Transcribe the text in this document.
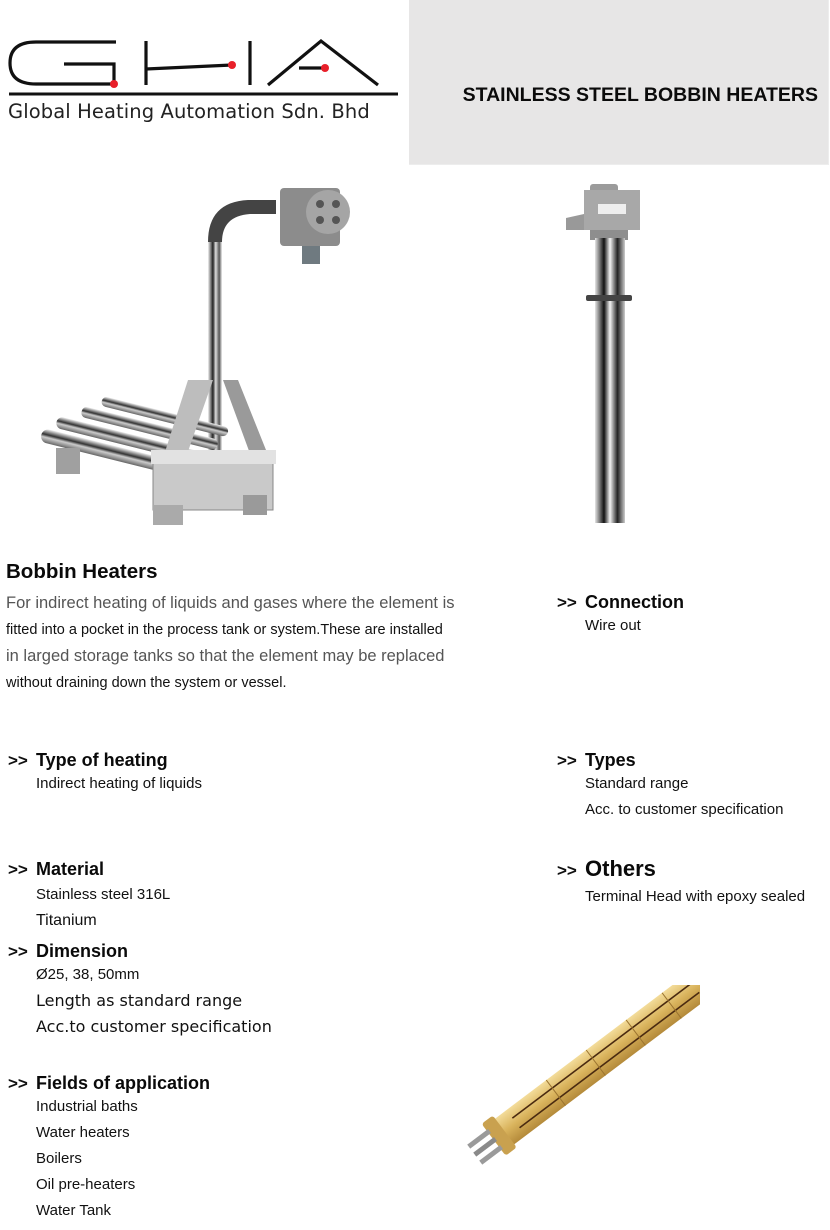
Global Heating Automation Sdn. Bhd
STAINLESS STEEL BOBBIN HEATERS
Bobbin Heaters
For indirect heating of liquids and gases where the element is
fitted into a pocket in the process tank or system.These are installed
in larged storage tanks so that the element may be replaced
without draining down the system or vessel.
>> Connection
Wire out
>> Type of heating
Indirect heating of liquids
>> Types
Standard range
Acc. to customer specification
>> Material
Stainless steel 316L
Titanium
>> Others
Terminal Head with epoxy sealed
>> Dimension
Ø25, 38, 50mm
Length as standard range
Acc.to customer specification
>> Fields of application
Industrial baths
Water heaters
Boilers
Oil pre-heaters
Water Tank
